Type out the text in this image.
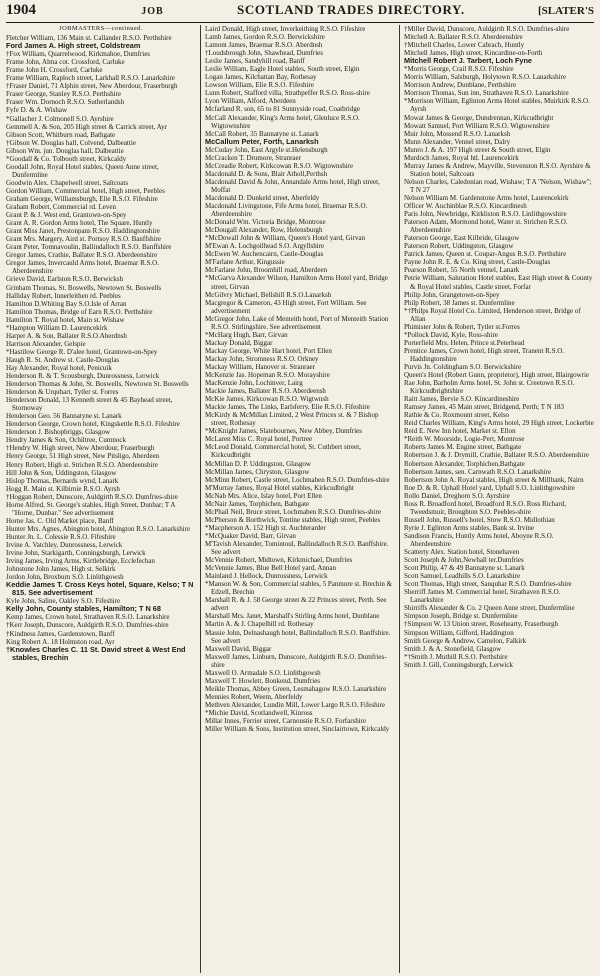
1904	JOB	SCOTLAND TRADES DIRECTORY.	[SLATER'S
JOBMASTERS—continued.

Fletcher William, 136 Main st. Callander R.S.O. Perthshire

Ford James A. High street, Coldstream

†Fox William, Quarrelwood, Kirkmahoe, Dumfries

Frame John, Alma cot. Crossford, Carluke

Frame John H. Crossford, Carluke

Frame William, Raploch street, Larkhall R.S.O. Lanarkshire

†Fraser Daniel, 71 Alphin street, New Aberdour, Fraserburgh

Fraser George, Stanley R.S.O. Perthshire

Fraser Wm. Dornoch R.S.O. Sutherlandsh

Fyfe D. & A. Wishaw

*Gallacher J. Colmonell S.O. Ayrshire

Gemmell A. & Son, 205 High street & Carrick street, Ayr

Gibson Scott, Whitburn road, Bathgate

†Gibson W. Douglas hall, Colvend, Dalbeattie

Gibson Wm. jun. Douglas hall, Dalbeattie

*Goodall & Co. Tolbooth street, Kirkcaldy

Goodall John, Royal Hotel stables, Queen Anne street, Dunfermline

Goodwin Alex. Chapelwell street, Saltcoats

Gordon William, Commercial hotel, High street, Peebles

Graham George, Williamsburgh, Elie R.S.O. Fifeshire

Graham Robert, Commercial rd. Leven

Grant P. & J. West end, Grantown-on-Spey

Grant A. R. Gordon Arms hotel, The Square, Huntly

Grant Miss Janet, Prestonpans R.S.O. Haddingtonshire

Grant Mrs. Margery, Aird st. Portsoy R.S.O. Banffshire

Grant Peter, Tomnavoulin, Ballindalloch R.S.O. Banffshire

Gregor James, Crathie, Ballater R.S.O. Aberdeenshire

Gregor James, Invercauld Arms hotel, Braemar R.S.O. Aberdeenshire

Grieve David, Earlston R.S.O. Berwicksh

Grinham Thomas, St. Boswells, Newtown St. Boswells

Halliday Robert, Innerleithen rd. Peebles

Hamilton D.Whiting Bay S.O.Isle of Arran

Hamilton Thomas, Bridge of Earn R.S.O. Perthshire

Hamilton T. Royal hotel, Main st. Wishaw

*Hampton William D. Laurencekirk

Harper A. & Son, Ballater R.S.O.Aberdnsh

Harrison Alexander, Gelspie

*Hastilow George R. D'alee hotel, Grantown-on-Spey

Haugh R. St. Andrew st. Castle-Douglas

Hay Alexander, Royal hotel, Penicuik

Henderson R. & T. Scousburgh, Dunrossness, Lerwick

Henderson Thomas & John, St. Boswells, Newtown St. Boswells

Henderson & Urquhart, Tytler st. Forres

Henderson Donald, 13 Kenneth street & 45 Bayhead street, Stornoway

Henderson Geo. 56 Bannatyne st. Lanark

Henderson George, Crown hotel, Kingskettle R.S.O. Fifeshire

Henderson J. Bishopbriggs, Glasgow

Hendry James & Son, Ochiltree, Cumnock

†Hendry W. High street, New Aberdour, Fraserburgh

Henry George, 51 High street, New Pitsligo, Aberdeen

Henry Robert, High st. Strichen R.S.O. Aberdeenshire

Hill John & Son, Uddingston, Glasgow

Hislop Thomas, Bernards wynd, Lanark

Hogg R. Main st. Kilbirnie R.S.O. Ayrsh

†Hoggan Robert, Dunscore, Auldgirth R.S.O. Dumfries-shire

Horne Alfred, St. George's stables, High Street, Dunbar; T A "Horne, Dunbar." See advertisement

Horne Jas. C. Old Market place, Banff

Hunter Mrs. Agnes, Abington hotel, Abington R.S.O. Lanarkshire

Hunter Jn. L. Colessie R.S.O. Fifeshire

Irvine A. Vatchley, Dunrossness, Lerwick

Irvine John, Starkigarth, Conningsburgh, Lerwick

Irving James, Irving Arms, Kirtlebridge, Ecclefechan

Johnstone John James, High st. Selkirk

Jordon John, Broxburn S.O. Linlithgowsh

Keddie James T. Cross Keys hotel, Square, Kelso; T N 815. See advertisement

Kyle John, Saline, Oakley S.O. Fifeshire

Kelly John, County stables, Hamilton; T N 68

Kemp James, Crown hotel, Strathaven R.S.O. Lanarkshire

†Kerr Joseph, Dunscore, Auldgirth R.S.O. Dumfries-shire

†Kindness James, Gardenstown, Banff

King Robert A. 18 Holmston road, Ayr

†Knowles Charles C. 11 St. David street & West End stables, Brechin

Laird Donald, High street, Inverkeithing R.S.O. Fifeshire

Lamb James, Gordon R.S.O. Berwickshire

Lamont James, Braemar R.S.O. Aberdnsh

†Loudsbrough John, Shawhead, Dumfries

Leslie James, Sandyhill road, Banff

Leslie William, Eagle Hotel stables, South street, Elgin

Logan James, Kilchattan Bay, Rothesay

Lowson William, Elie R.S.O. Fifeshire

Lunn Robert, Stafford villa, Strathpeffer R.S.O. Ross-shire

Lyon William, Alford, Aberdeen

Mcfarland R. son, 65 to 81 Sunnyside road, Coatbridge

McCall Alexander, King's Arms hotel, Glenluce R.S.O. Wigtownshire

McCall Robert, 35 Bannatyne st. Lanark

McCallum Peter, Forth, Lanarksh

McCuday John, East Argyle st.Helensburgh

McCracken T. Drumore, Stranraer

McCreadie Robert, Kirkcowan R.S.O. Wigtownshire

Macdonald D. & Sons, Blair Atholl,Perthsh

Macdonald David & John, Annandale Arms hotel, High street, Moffat

Macdonald D. Dunkeld street, Aberfeldy

Macdonald Livingstone, Fife Arms hotel, Braemar R.S.O. Aberdeenshire

McDonald Wm. Victoria Bridge, Montrose

McDougall Alexander, Row, Helensburgh

*McDowall John & William, Queen's Hotel yard, Girvan

M'Ewan A. Lochgoilhead S.O. Argyllshire

McEwen W. Auchencairn, Castle-Douglas

M'Farlane Arthur, Kingussie

McFarlane John, Broomhill road, Aberdeen

*McGarva Alexander Wilson, Hamilton Arms Hotel yard, Bridge street, Girvan

McGilvry Michael, Bellshill R.S.O.Lanarksh

Macgregor & Cameron, 43 High street, Fort William. See advertisement

McGregor John, Lake of Menteith hotel, Port of Menteith Station R.S.O. Stirlingshire. See advertisement

*McHarg Hugh, Barr, Girvan

Mackay Donald, Biggar

Mackay George, White Hart hotel, Port Ellen

Mackay John, Stromness R.S.O. Orkney

Mackay William, Hanover st. Stranraer

McKenzie Jas. Hopeman R.S.O. Morayshire

MacKenzie John, Lochinver, Lairg

Mackie James, Ballater R.S.O. Aberdeensh

McKie James, Kirkcowan R.S.O. Wigtwnsh

Mackie James, The Links, Earlsferry, Elie R.S.O. Fifeshire

McKirdy & McMillan Limited, 2 West Princes st. & 7 Bishop street, Rothesay

*McKnight James, Slatebournes, New Abbey, Dumfries

McLaren Miss C. Royal hotel, Portree

McLeod Donald, Commercial hotel, St. Cuthbert street, Kirkcudbright

McMillan D. P. Uddingston, Glasgow

McMillan James, Chryston, Glasgow

McMinn Robert, Castle street, Lochmaben R.S.O. Dumfries-shire

M'Murray James, Royal Hotel stables, Kirkcudbright

McNab Mrs. Alice, Islay hotel, Port Ellen

McNair James, Torphichen, Bathgate

McPhail Neil, Bruce street, Lochmaben R.S.O. Dumfries-shire

McPherson & Borthwick, Tontine stables, High street, Peebles

*Macpherson A. 152 High st. Auchterarder

*McQuaker David, Barr, Girvan

M'Tavish Alexander, Tomintoul, Ballindalloch R.S.O. Banffshire. See advert

McVennie Robert, Midtown, Kirkmichael, Dumfries

McVennie James, Blue Bell Hotel yard, Annan

Mainland J. Hellock, Dunrossness, Lerwick

*Manson W. & Son, Commercial stables, 5 Panmure st. Brechin & Edzell, Brechin

Marshall R. & J. 58 George street & 22 Princes street, Perth. See advert

Marshall Mrs. Janet, Marshall's Stirling Arms hotel, Dunblane

Martin A. & J. Chapelhill rd. Rothesay

Massie John, Delnashaugh hotel, Ballindalloch R.S.O. Banffshire. See advert

Maxwell David, Biggar

Maxwell James, Linburn, Dunscore, Auldgirth R.S.O. Dumfries-shire

Maxwell O. Armadale S.O. Linlithgowsh

Maxwell T. Howlett, Bonkend, Dumfries

Meikle Thomas, Abbey Green, Lesmahagow R.S.O. Lanarkshire

Mennies Robert, Weem, Aberfeldy

Methven Alexander, Lundin Mill, Lower Largo R.S.O. Fifeshire

*Michie David, Scotlandwell, Kinross

Millar Innes, Ferrier street, Carnoustie R.S.O. Forfarshire

Miller William & Sons, Institution street, Sinclairtown, Kirkcaldy

†Miller David, Dunscore, Auldgirth R.S.O. Dumfries-shire

Mitchell A. Ballater R.S.O. Aberdeenshire

†Mitchell Charles, Lower Cabrach, Huntly

Mitchell James, High street, Kincardine-on-Forth

Mitchell Robert J. Tarbert, Loch Fyne

*Morris George, Crail R.S.O. Fifeshire

Morris William, Salsburgh, Holytown R.S.O. Lanarkshire

Morrison Andrew, Dunblane, Perthshire

Morrison Thomas, Sun inn, Strathaven R.S.O. Lanarkshire

*Morrison William, Eglinton Arms Hotel stables, Muirkirk R.S.O. Ayrsh

Mowat James & George, Dundrennan, Kirkcudbright

Mowatt Samuel, Port William R.S.O. Wigtownshire

Muir John, Mossend R.S.O. Lanarksh

Munn Alexander, Vennel street, Dalry

Munro J. & A. 197 High street & South street, Elgin

Murdoch James, Royal htl. Laurencekirk

Murray James & Andrew, Mayville, Stevenston R.S.O. Ayrshire & Station hotel, Saltcoats

Nelson Charles, Caledonian road, Wishaw; T A "Nelson, Wishaw"; T N 27

Nelson William M. Gardenstone Arms hotel, Laurencekirk

Officer W. Auchinblae R.S.O. Kincardinesh

Paris John, Newbridge, Kirkliston R.S.O. Linlithgowshire

Paterson Adam, Mormond hotel, Water st. Strichen R.S.O. Aberdeenshire

Paterson George, East Kilbride, Glasgow

Paterson Robert, Uddingston, Glasgow

Patrick James, Queen st. Coupar-Angus R.S.O. Perthshire

Payne John R. E. & Co. King street, Castle-Douglas

Pearson Robert, 55 North vennel, Lanark

Petrie William, Salutation Hotel stables, East High street & County & Royal Hotel stables, Castle street, Forfar

Philip John, Grangetown-on-Spey

Philp Robert, 38 James st. Dunfermline

*†Philps Royal Hotel Co. Limited, Henderson street, Bridge of Allan

Phimister John & Robert, Tytler st.Forres

*Pollock David, Kyle, Ross-shire

Porterfield Mrs. Helen, Prince st.Peterhead

Prentice James, Crown hotel, High street, Tranent R.S.O. Haddingtonshire

Purvis Jn. Coldingham S.O. Berwickshire

Queen's Hotel (Robert Gunn, proprietor), High street, Blairgowrie

Rae John, Barholm Arms hotel, St. John st. Creetown R.S.O. Kirkcudbrightshire

Raitt James, Bervie S.O. Kincardineshire

Ramsey James, 45 Main street, Bridgend, Perth; T N 183

Rathie & Co. Roxmount street, Kelso

Reid Charles William, King's Arms hotel, 29 High street, Lockerbie

Reid E. New Inn hotel, Market st. Ellon

*Reith W. Moorside, Logie-Pert, Montrose

Roberts James M. Engine street, Bathgate

Robertson J. & J. Drymill, Crathie, Ballater R.S.O. Aberdeenshire

Robertson Alexander, Torphichen,Bathgate

Robertson James, sen. Carnwath R.S.O. Lanarkshire

Robertson John A. Royal stables, High street & Millbank, Nairn

Roe D. & R. Uphall Hotel yard, Uphall S.O. Linlithgowshire

Rollo Daniel, Dreghorn S.O. Ayrshire

Ross R. Broadford hotel, Broadford R.S.O. Ross Richard, Tweedsmuir, Broughton S.O. Peebles-shire

Russell John, Russell's hotel, Stow R.S.O. Midlothian

Ryrie J. Eglinton Arms stables, Bank st. Irvine

Sandison Francis, Huntly Arms hotel, Aboyne R.S.O. Aberdeenshire

Scatterty Alex. Station hotel, Stonehaven

Scott Joseph & John,Newhall ter.Dumfries

Scott Philip, 47 & 49 Bannatyne st. Lanark

Scott Samuel, Leadhills S.O. Lanarkshire

Scott Thomas, High street, Sanquhar R.S.O. Dumfries-shire

Sherriff James M. Commercial hotel, Strathaven R.S.O. Lanarkshire

Shirriffs Alexander & Co. 2 Queen Anne street, Dunfermline

Simpson Joseph, Bridge st. Dunfermline

†Simpson W. 13 Union street, Rosehearty, Fraserburgh

Simpson William, Gifford, Haddington

Smith George & Andrew, Camelon, Falkirk

Smith J. & A. Stonefield, Glasgow

*†Smith J. Muthill R.S.O. Perthshire

Smith J. Gill, Conningsburgh, Lerwick
